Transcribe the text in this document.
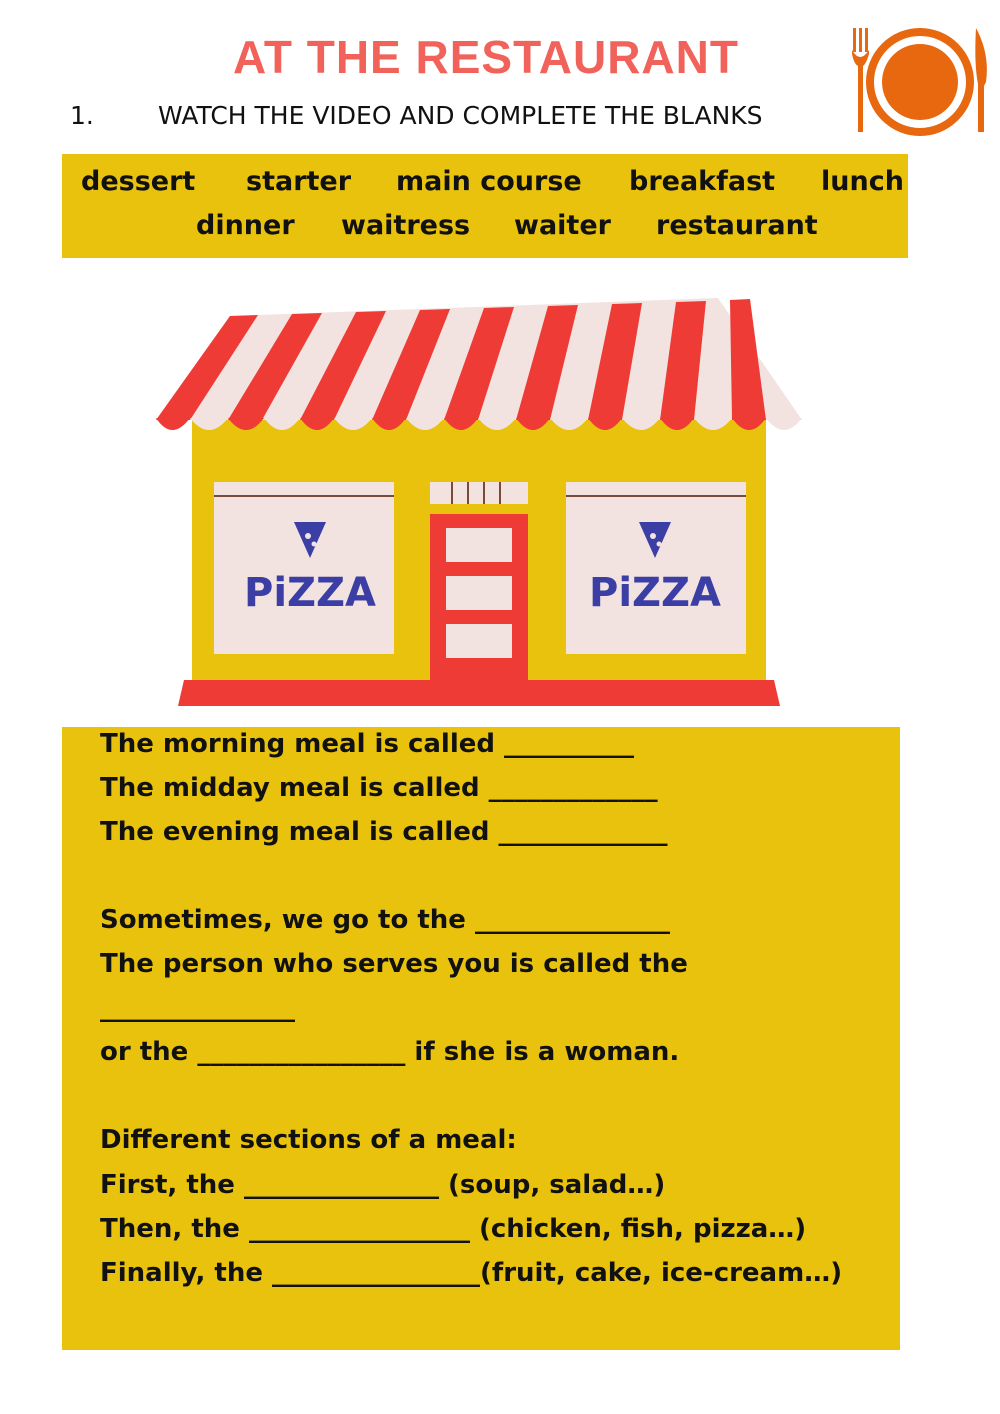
AT THE RESTAURANT
1.	WATCH THE VIDEO AND COMPLETE THE BLANKS
dessert starter main course breakfast lunch
dinner waitress waiter restaurant
PiZZA	PiZZA
The morning meal is called __________
The midday meal is called _____________
The evening meal is called _____________
Sometimes, we go to the _______________
The person who serves you is called the
_______________
or the ________________ if she is a woman.
Different sections of a meal:
First, the _______________ (soup, salad…)
Then, the _________________ (chicken, fish, pizza…)
Finally, the ________________(fruit, cake, ice-cream…)
